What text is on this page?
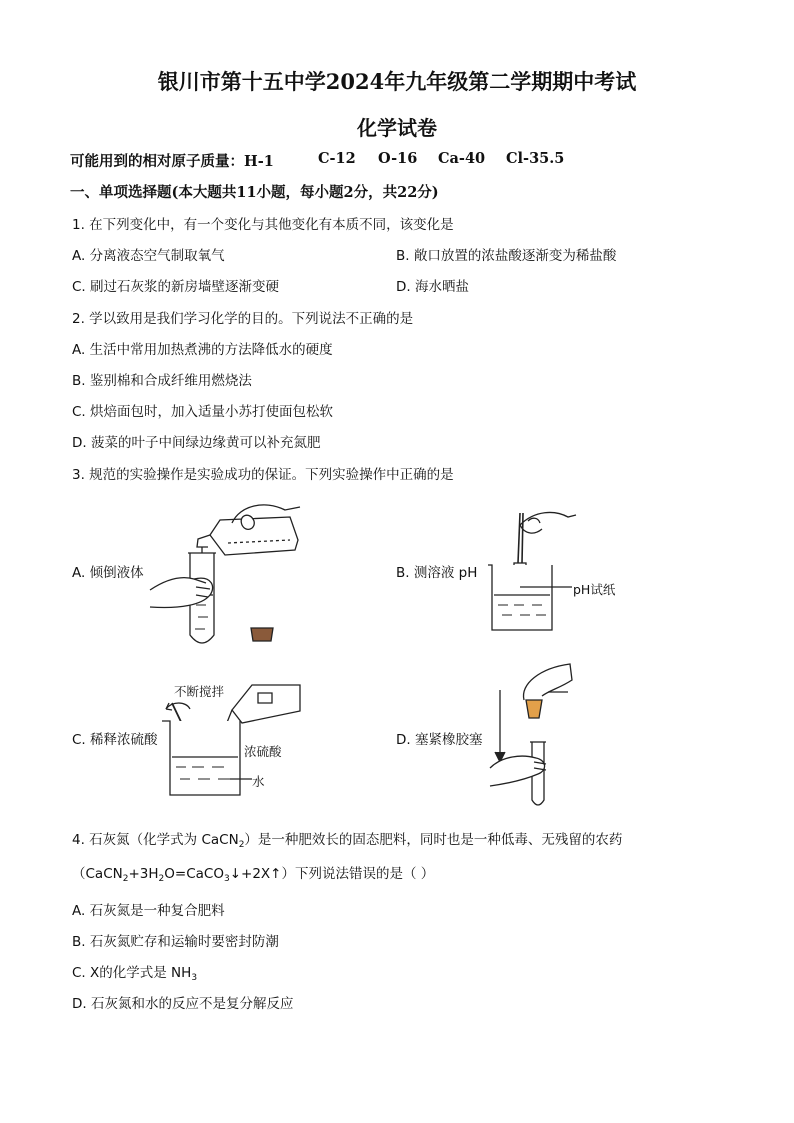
银川市第十五中学2024年九年级第二学期期中考试
化学试卷
可能用到的相对原子质量：H-1	C-12 O-16 Ca-40 Cl-35.5
一、单项选择题(本大题共11小题，每小题2分，共22分)
1. 在下列变化中，有一个变化与其他变化有本质不同，该变化是
A. 分离液态空气制取氧气	B. 敞口放置的浓盐酸逐渐变为稀盐酸
C. 刷过石灰浆的新房墙壁逐渐变硬	D. 海水晒盐
2. 学以致用是我们学习化学的目的。下列说法不正确的是
A. 生活中常用加热煮沸的方法降低水的硬度
B. 鉴别棉和合成纤维用燃烧法
C. 烘焙面包时，加入适量小苏打使面包松软
D. 菠菜的叶子中间绿边缘黄可以补充氮肥
3. 规范的实验操作是实验成功的保证。下列实验操作中正确的是
A. 倾倒液体	B. 测溶液 pH
C. 稀释浓硫酸	D. 塞紧橡胶塞
pH试纸
不断搅拌
浓硫酸
水
4. 石灰氮（化学式为 CaCN$_2$）是一种肥效长的固态肥料，同时也是一种低毒、无残留的农药
$(CaCN_2+3H_2O=CaCO_3↓+2X↑)$下列说法错误的是（ ）
A. 石灰氮是一种复合肥料
B. 石灰氮贮存和运输时要密封防潮
C. X的化学式是 $NH_3$
D. 石灰氮和水的反应不是复分解反应
